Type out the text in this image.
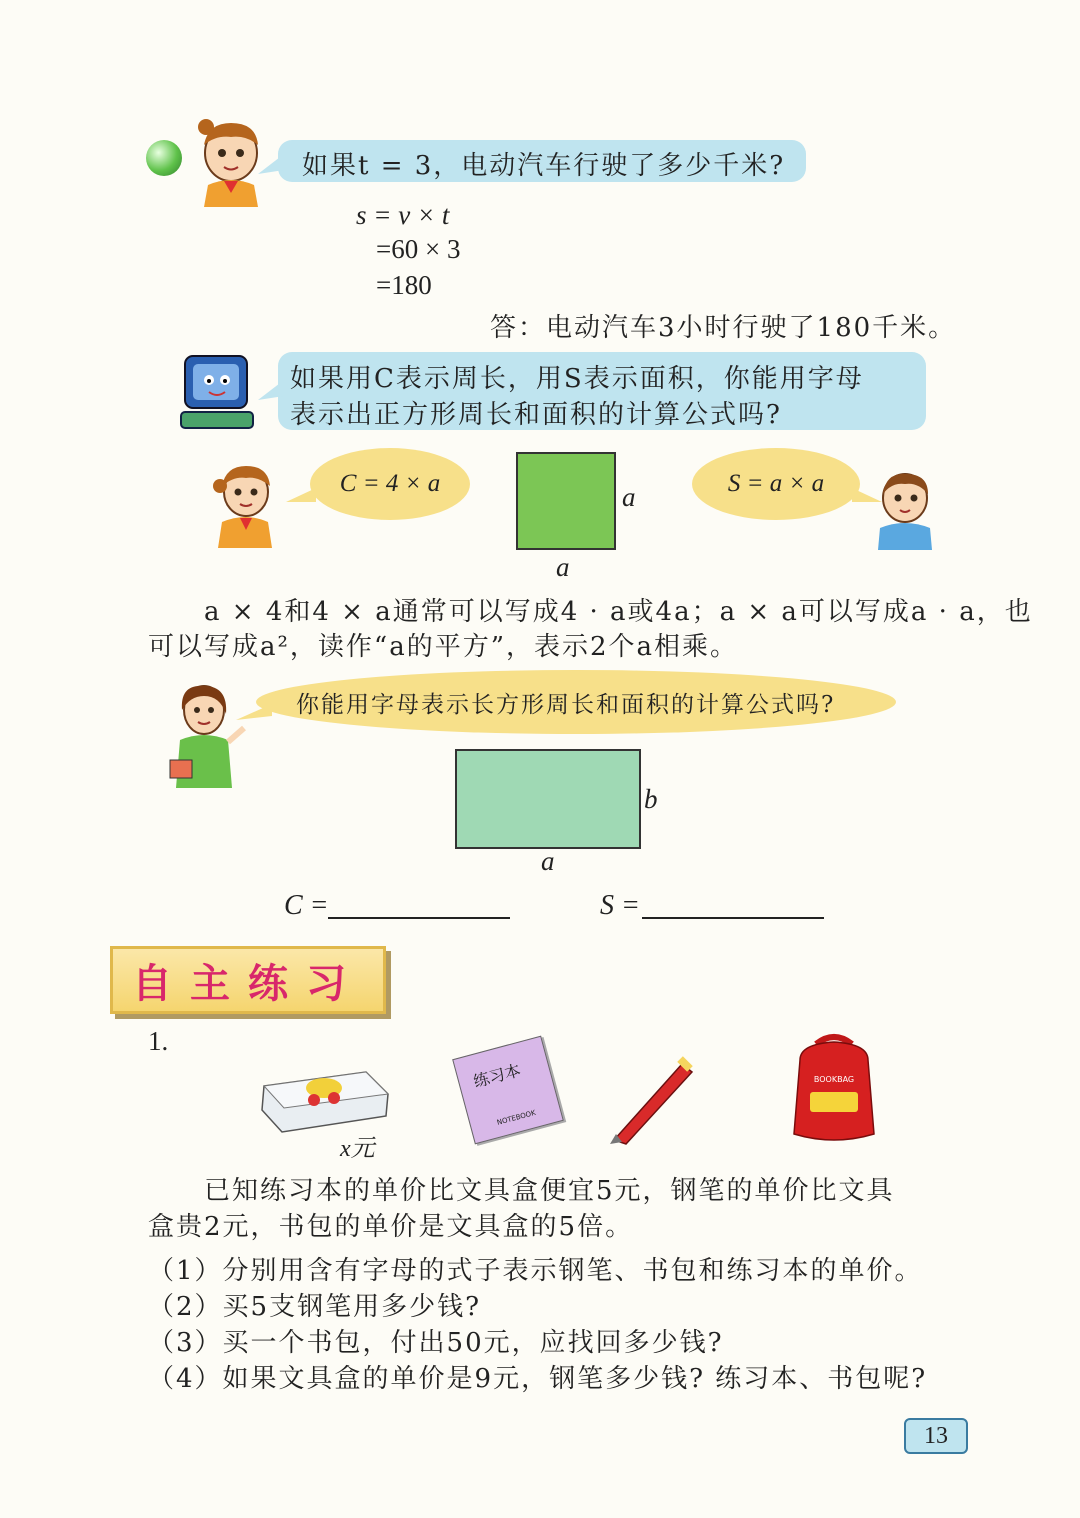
如果t = 3，电动汽车行驶了多少千米?
s = v × t
=60 × 3
=180
答：电动汽车3小时行驶了180千米。
如果用C表示周长，用S表示面积，你能用字母
表示出正方形周长和面积的计算公式吗?
C = 4 × a	a
a
S = a × a
a × 4和4 × a通常可以写成4 · a或4a；a × a可以写成a · a，也
可以写成a²，读作“a的平方”，表示2个a相乘。
你能用字母表示长方形周长和面积的计算公式吗?
b
a
C =	S =
自主练习
1.
x元
练习本
NOTEBOOK
BOOKBAG
已知练习本的单价比文具盒便宜5元，钢笔的单价比文具
盒贵2元，书包的单价是文具盒的5倍。
（1）分别用含有字母的式子表示钢笔、书包和练习本的单价。
（2）买5支钢笔用多少钱?
（3）买一个书包，付出50元，应找回多少钱?
（4）如果文具盒的单价是9元，钢笔多少钱? 练习本、书包呢?
13
